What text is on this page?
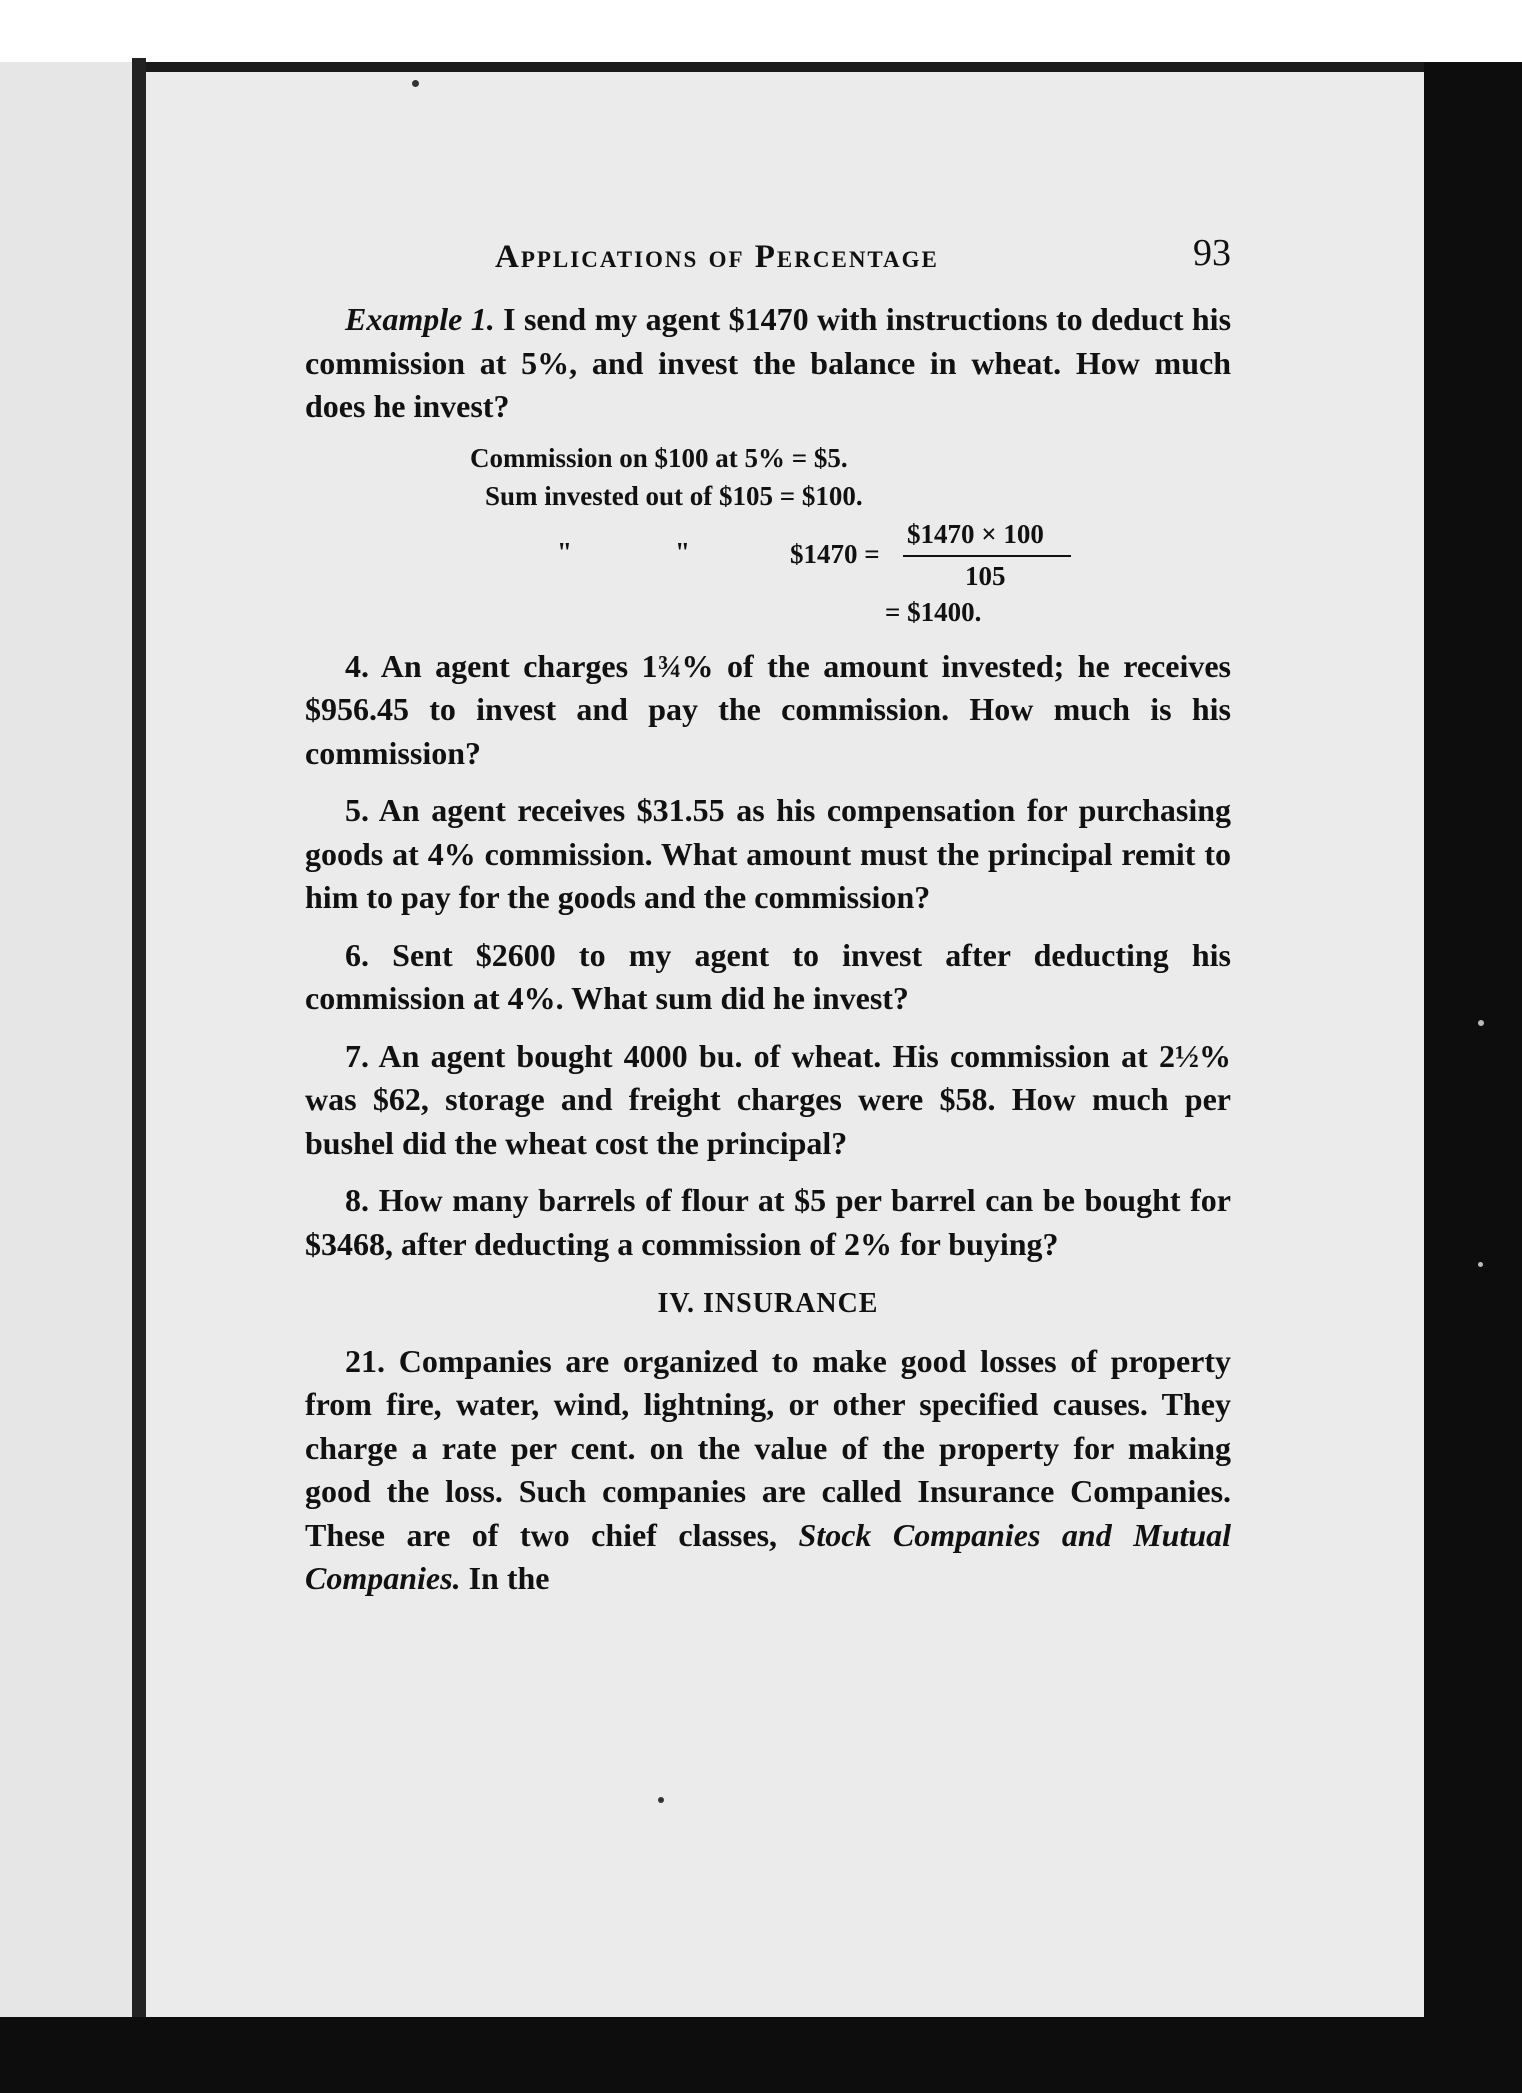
Applications of Percentage	93

Example 1. I send my agent $1470 with instructions to deduct his commission at 5%, and invest the balance in wheat. How much does he invest?

Commission on $100 at 5% = $5.
Sum invested out of $105 = $100.
"	"	$1470 =
$1470 × 100
105
= $1400.

4. An agent charges 1¾% of the amount invested; he receives $956.45 to invest and pay the commission. How much is his commission?

5. An agent receives $31.55 as his compensation for purchasing goods at 4% commission. What amount must the principal remit to him to pay for the goods and the commission?

6. Sent $2600 to my agent to invest after deducting his commission at 4%. What sum did he invest?

7. An agent bought 4000 bu. of wheat. His commission at 2½% was $62, storage and freight charges were $58. How much per bushel did the wheat cost the principal?

8. How many barrels of flour at $5 per barrel can be bought for $3468, after deducting a commission of 2% for buying?

IV. INSURANCE

21. Companies are organized to make good losses of property from fire, water, wind, lightning, or other specified causes. They charge a rate per cent. on the value of the property for making good the loss. Such companies are called Insurance Companies. These are of two chief classes, Stock Companies and Mutual Companies. In the
